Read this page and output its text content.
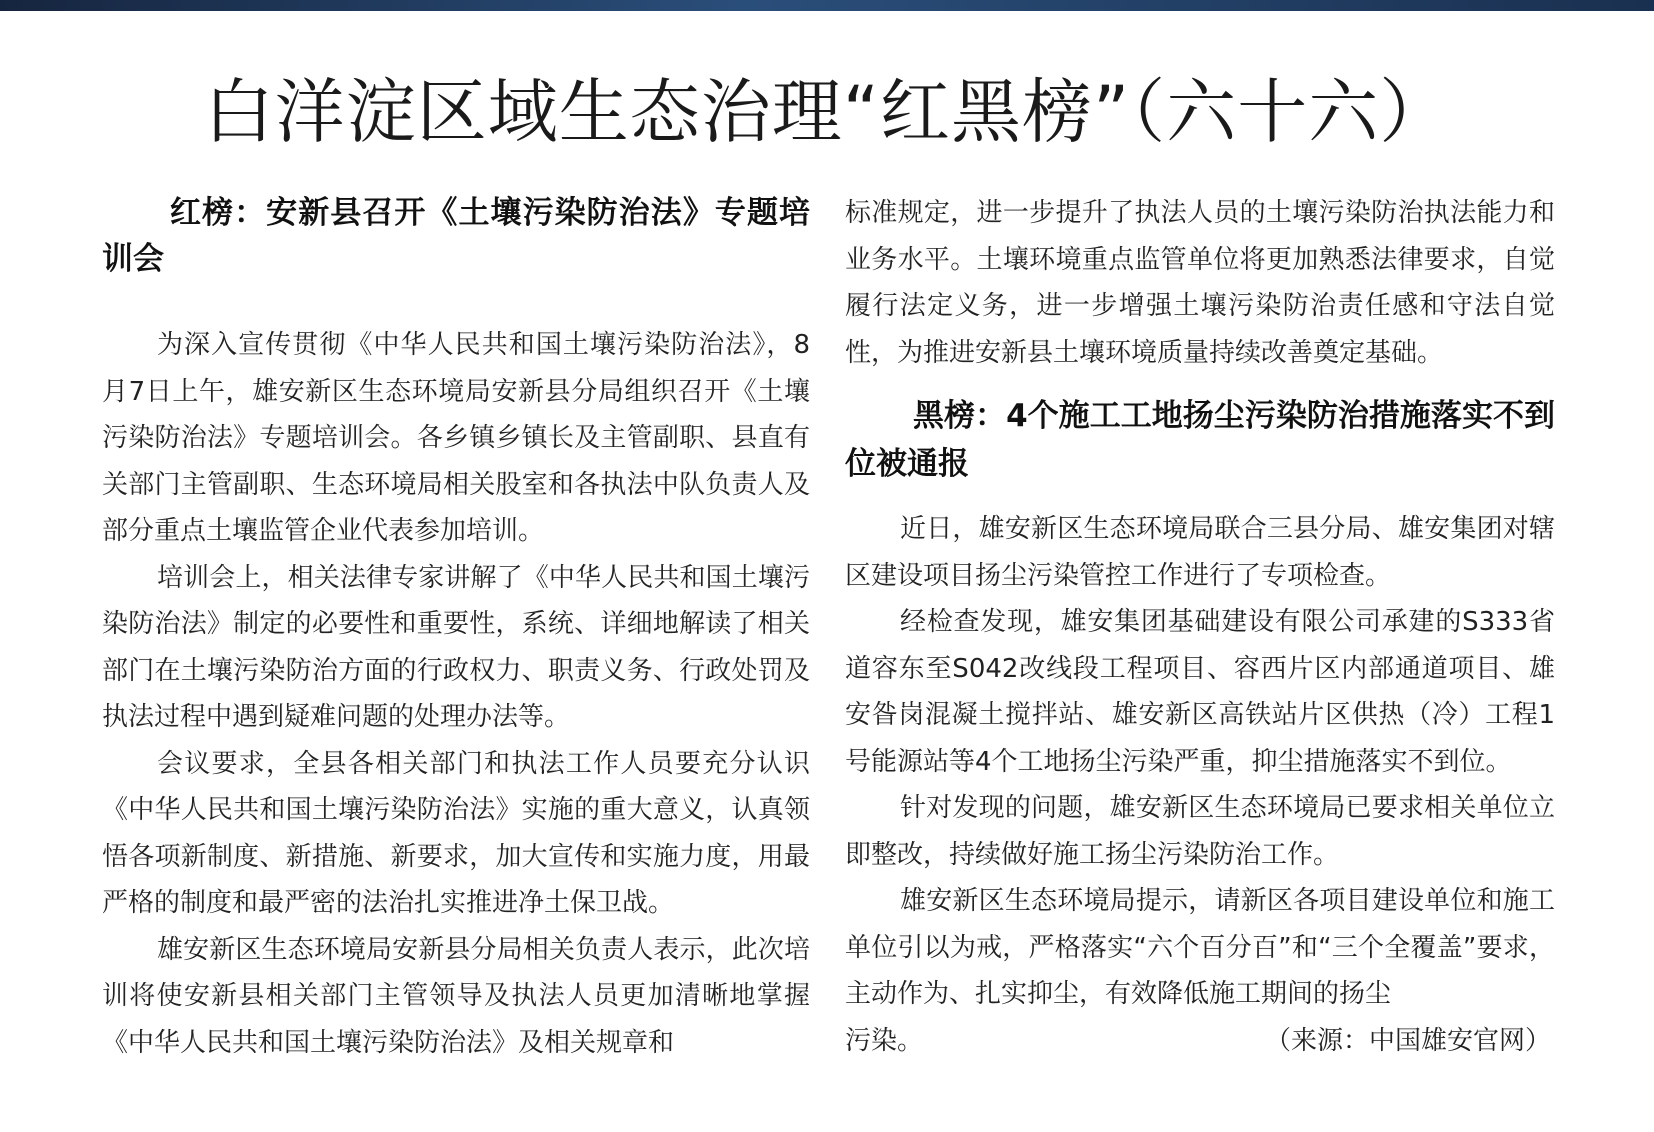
白洋淀区域生态治理“红黑榜”（六十六）
红榜：安新县召开《土壤污染防治法》专题培训会

为深入宣传贯彻《中华人民共和国土壤污染防治法》，8月7日上午，雄安新区生态环境局安新县分局组织召开《土壤污染防治法》专题培训会。各乡镇乡镇长及主管副职、县直有关部门主管副职、生态环境局相关股室和各执法中队负责人及部分重点土壤监管企业代表参加培训。

培训会上，相关法律专家讲解了《中华人民共和国土壤污染防治法》制定的必要性和重要性，系统、详细地解读了相关部门在土壤污染防治方面的行政权力、职责义务、行政处罚及执法过程中遇到疑难问题的处理办法等。

会议要求，全县各相关部门和执法工作人员要充分认识《中华人民共和国土壤污染防治法》实施的重大意义，认真领悟各项新制度、新措施、新要求，加大宣传和实施力度，用最严格的制度和最严密的法治扎实推进净土保卫战。

雄安新区生态环境局安新县分局相关负责人表示，此次培训将使安新县相关部门主管领导及执法人员更加清晰地掌握《中华人民共和国土壤污染防治法》及相关规章和

标准规定，进一步提升了执法人员的土壤污染防治执法能力和业务水平。土壤环境重点监管单位将更加熟悉法律要求，自觉履行法定义务，进一步增强土壤污染防治责任感和守法自觉性，为推进安新县土壤环境质量持续改善奠定基础。

黑榜：4个施工工地扬尘污染防治措施落实不到位被通报

近日，雄安新区生态环境局联合三县分局、雄安集团对辖区建设项目扬尘污染管控工作进行了专项检查。

经检查发现，雄安集团基础建设有限公司承建的S333省道容东至S042改线段工程项目、容西片区内部通道项目、雄安昝岗混凝土搅拌站、雄安新区高铁站片区供热（冷）工程1号能源站等4个工地扬尘污染严重，抑尘措施落实不到位。

针对发现的问题，雄安新区生态环境局已要求相关单位立即整改，持续做好施工扬尘污染防治工作。

雄安新区生态环境局提示，请新区各项目建设单位和施工单位引以为戒，严格落实“六个百分百”和“三个全覆盖”要求，主动作为、扎实抑尘，有效降低施工期间的扬尘

污染。	（来源：中国雄安官网）
